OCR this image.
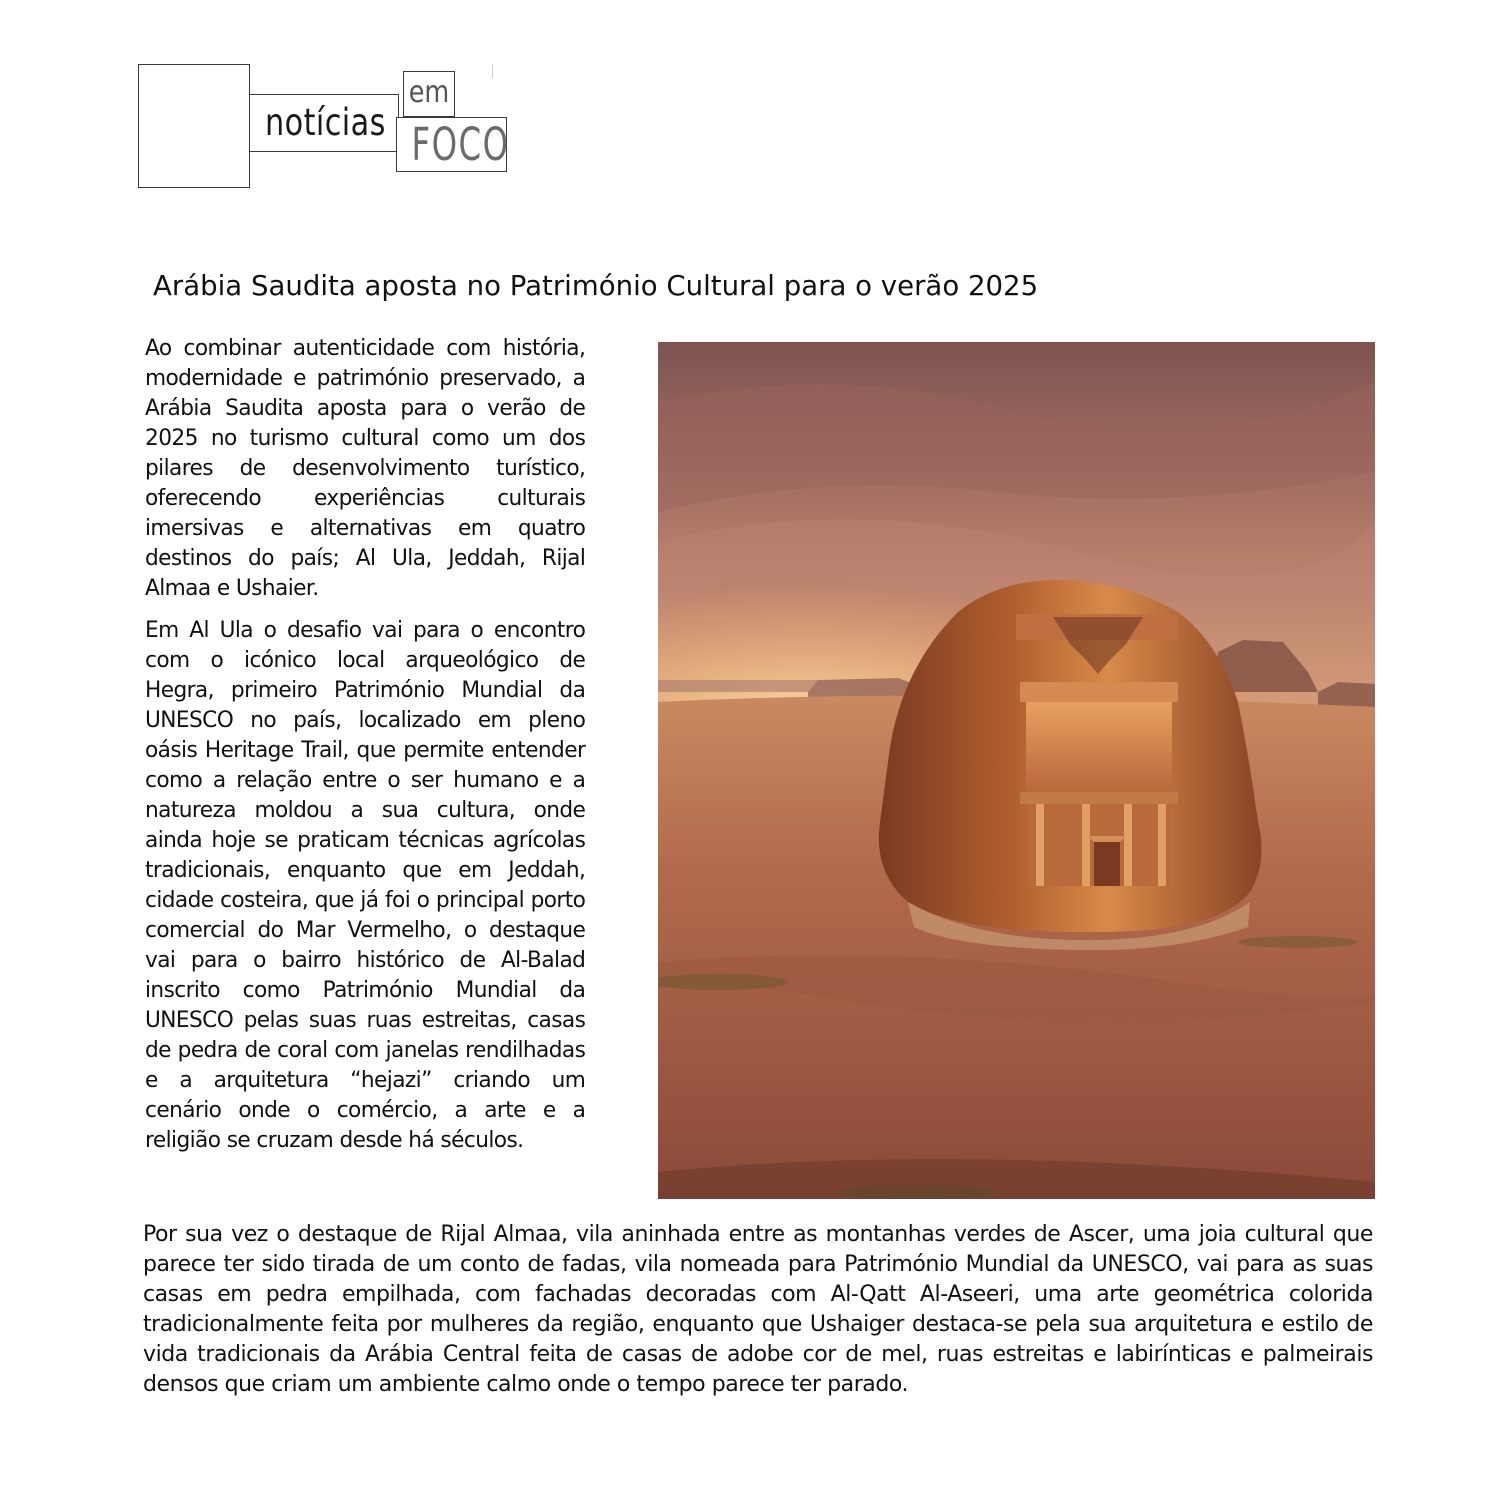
notícias
em
FOCO
Arábia Saudita aposta no Património Cultural para o verão 2025

Ao combinar autenticidade com história, modernidade e património preservado, a Arábia Saudita aposta para o verão de 2025 no turismo cultural como um dos pilares de desenvolvimento turístico, oferecendo experiências culturais imersivas e alternativas em quatro destinos do país; Al Ula, Jeddah, Rijal Almaa e Ushaier.

Em Al Ula o desafio vai para o encontro com o icónico local arqueológico de Hegra, primeiro Património Mundial da UNESCO no país, localizado em pleno oásis Heritage Trail, que permite entender como a relação entre o ser humano e a natureza moldou a sua cultura, onde ainda hoje se praticam técnicas agrícolas tradicionais, enquanto que em Jeddah, cidade costeira, que já foi o principal porto comercial do Mar Vermelho, o destaque vai para o bairro histórico de Al-Balad inscrito como Património Mundial da UNESCO pelas suas ruas estreitas, casas de pedra de coral com janelas rendilhadas e a arquitetura “hejazi” criando um cenário onde o comércio, a arte e a religião se cruzam desde há séculos.

Por sua vez o destaque de Rijal Almaa, vila aninhada entre as montanhas verdes de Ascer, uma joia cultural que parece ter sido tirada de um conto de fadas, vila nomeada para Património Mundial da UNESCO, vai para as suas casas em pedra empilhada, com fachadas decoradas com Al-Qatt Al-Aseeri, uma arte geométrica colorida tradicionalmente feita por mulheres da região, enquanto que Ushaiger destaca-se pela sua arquitetura e estilo de vida tradicionais da Arábia Central feita de casas de adobe cor de mel, ruas estreitas e labirínticas e palmeirais densos que criam um ambiente calmo onde o tempo parece ter parado.
